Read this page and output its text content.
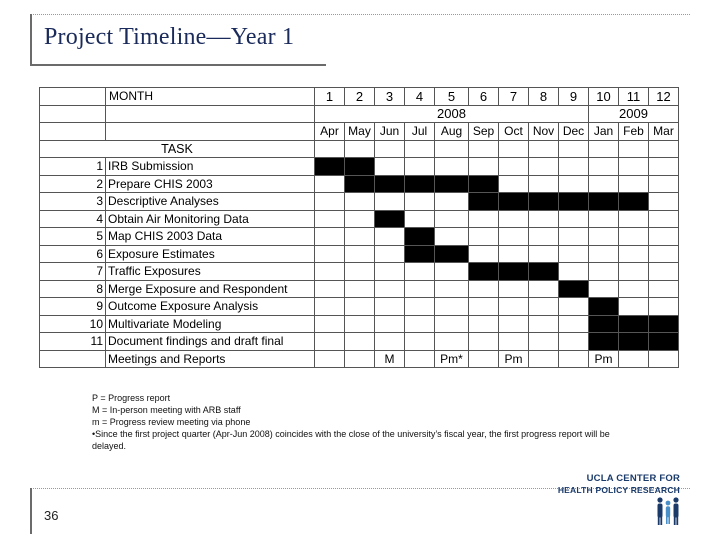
Project Timeline—Year 1
	MONTH	1	2	3	4	5	6	7	8	9	10	11	12
		2008									2009		
		Apr	May	Jun	Jul	Aug	Sep	Oct	Nov	Dec	Jan	Feb	Mar
TASK													
1	IRB Submission												
2	Prepare CHIS 2003												
3	Descriptive Analyses												
4	Obtain Air Monitoring Data												
5	Map CHIS 2003 Data												
6	Exposure Estimates												
7	Traffic Exposures												
8	Merge Exposure and Respondent												
9	Outcome Exposure Analysis												
10	Multivariate Modeling												
11	Document findings and draft final												
	Meetings and Reports			M		Pm*		Pm			Pm		
P = Progress report
M = In-person meeting with ARB staff
m = Progress review meeting via phone
•Since the first project quarter (Apr-Jun 2008) coincides with the close of the university’s fiscal year, the first progress report will be delayed.
36
UCLA CENTER FOR
HEALTH POLICY RESEARCH
